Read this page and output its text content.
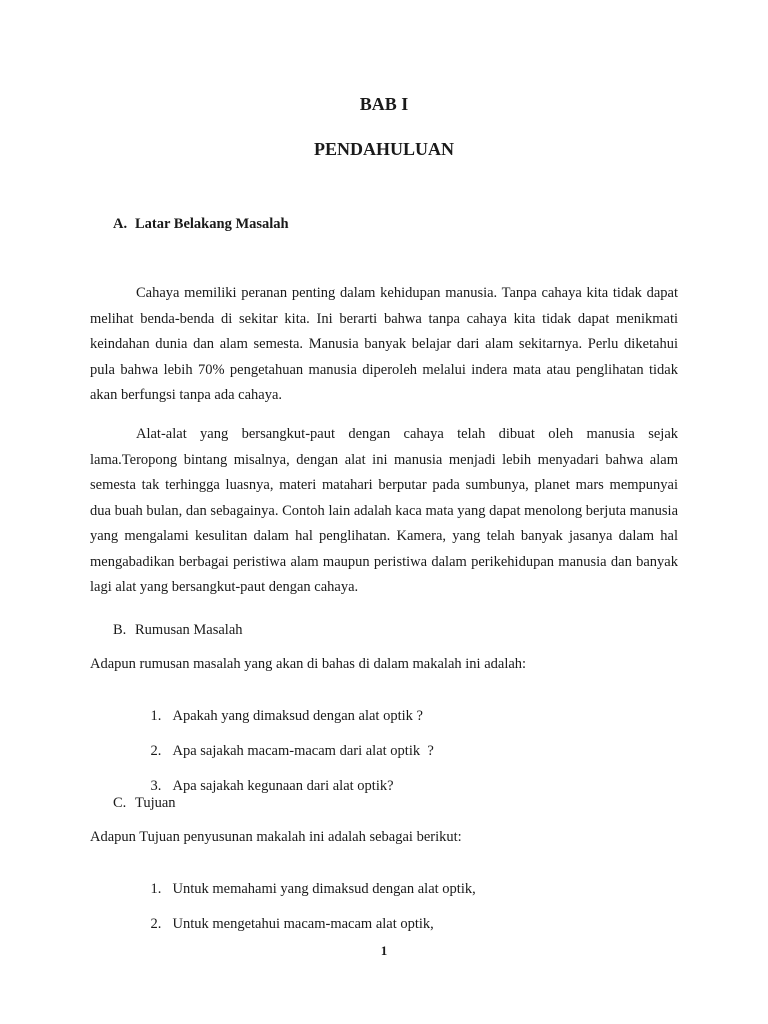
BAB I
PENDAHULUAN
A. Latar Belakang Masalah

Cahaya memiliki peranan penting dalam kehidupan manusia. Tanpa cahaya kita tidak dapat melihat benda-benda di sekitar kita. Ini berarti bahwa tanpa cahaya kita tidak dapat menikmati keindahan dunia dan alam semesta. Manusia banyak belajar dari alam sekitarnya. Perlu diketahui pula bahwa lebih 70% pengetahuan manusia diperoleh melalui indera mata atau penglihatan tidak akan berfungsi tanpa ada cahaya.

Alat-alat yang bersangkut-paut dengan cahaya telah dibuat oleh manusia sejak lama.Teropong bintang misalnya, dengan alat ini manusia menjadi lebih menyadari bahwa alam semesta tak terhingga luasnya, materi matahari berputar pada sumbunya, planet mars mempunyai dua buah bulan, dan sebagainya. Contoh lain adalah kaca mata yang dapat menolong berjuta manusia yang mengalami kesulitan dalam hal penglihatan. Kamera, yang telah banyak jasanya dalam hal mengabadikan berbagai peristiwa alam maupun peristiwa dalam perikehidupan manusia dan banyak lagi alat yang bersangkut-paut dengan cahaya.

B. Rumusan Masalah

Adapun rumusan masalah yang akan di bahas di dalam makalah ini adalah:

1. Apakah yang dimaksud dengan alat optik ?

2. Apa sajakah macam-macam dari alat optik  ?

3. Apa sajakah kegunaan dari alat optik?

C. Tujuan

Adapun Tujuan penyusunan makalah ini adalah sebagai berikut:

1. Untuk memahami yang dimaksud dengan alat optik,

2. Untuk mengetahui macam-macam alat optik,

1
